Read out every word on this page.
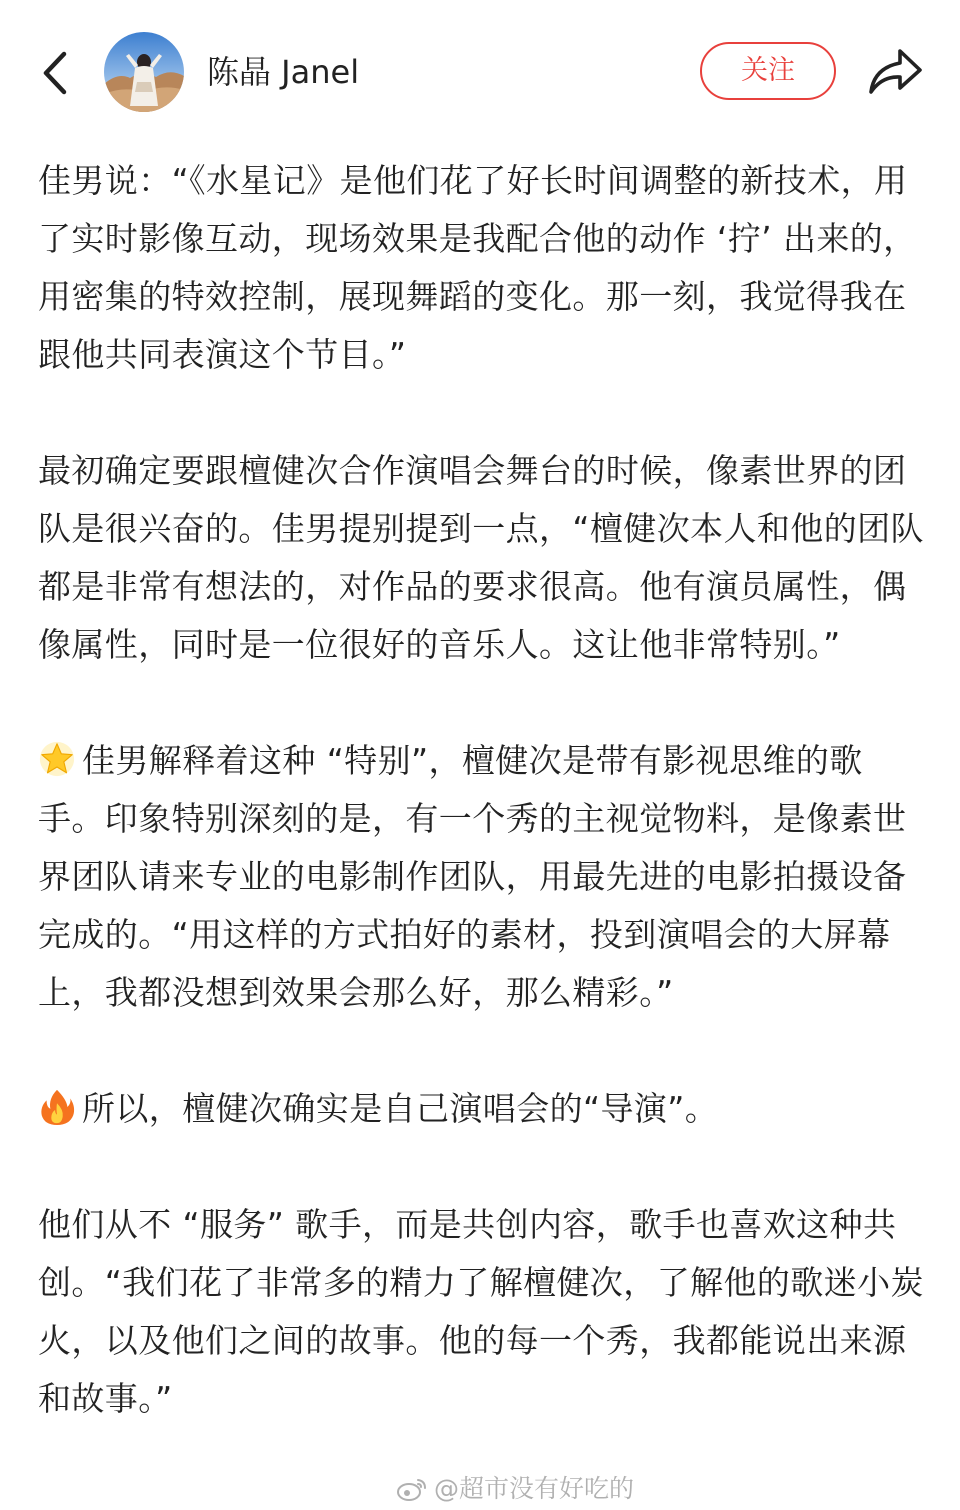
陈晶 Janel	关注

佳男说：“《水星记》是他们花了好长时间调整的新技术，用了实时影像互动，现场效果是我配合他的动作 ‘拧’ 出来的，用密集的特效控制，展现舞蹈的变化。那一刻，我觉得我在跟他共同表演这个节目。”

最初确定要跟檀健次合作演唱会舞台的时候，像素世界的团队是很兴奋的。佳男提别提到一点，“檀健次本人和他的团队都是非常有想法的，对作品的要求很高。他有演员属性，偶像属性，同时是一位很好的音乐人。这让他非常特别。”

佳男解释着这种 “特别”，檀健次是带有影视思维的歌手。印象特别深刻的是，有一个秀的主视觉物料，是像素世界团队请来专业的电影制作团队，用最先进的电影拍摄设备完成的。“用这样的方式拍好的素材，投到演唱会的大屏幕上，我都没想到效果会那么好，那么精彩。”

所以，檀健次确实是自己演唱会的“导演”。

他们从不 “服务” 歌手，而是共创内容，歌手也喜欢这种共创。“我们花了非常多的精力了解檀健次，了解他的歌迷小炭火，以及他们之间的故事。他的每一个秀，我都能说出来源和故事。”

@超市没有好吃的
